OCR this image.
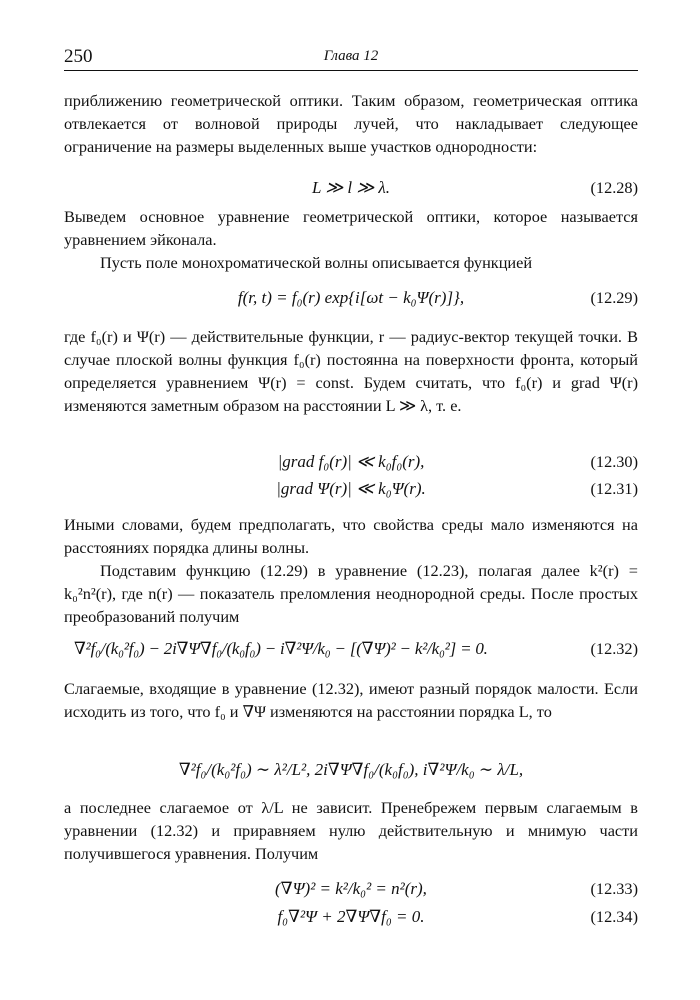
250	Глава 12

приближению геометрической оптики. Таким образом, геометрическая оптика отвлекается от волновой природы лучей, что накладывает следующее ограничение на размеры выделенных выше участков однородности:

L ≫ l ≫ λ.	(12.28)

Выведем основное уравнение геометрической оптики, которое называется уравнением эйконала.

Пусть поле монохроматической волны описывается функцией

f(r, t) = f₀(r) exp{i[ωt − k₀Ψ(r)]},	(12.29)

где f₀(r) и Ψ(r) — действительные функции, r — радиус-вектор текущей точки. В случае плоской волны функция f₀(r) постоянна на поверхности фронта, который определяется уравнением Ψ(r) = const. Будем считать, что f₀(r) и grad Ψ(r) изменяются заметным образом на расстоянии L ≫ λ, т. е.

|grad f₀(r)| ≪ k₀f₀(r),	(12.30)
|grad Ψ(r)| ≪ k₀Ψ(r).	(12.31)

Иными словами, будем предполагать, что свойства среды мало изменяются на расстояниях порядка длины волны.

Подставим функцию (12.29) в уравнение (12.23), полагая далее k²(r) = k₀²n²(r), где n(r) — показатель преломления неоднородной среды. После простых преобразований получим

∇²f₀/(k₀²f₀) − 2i∇Ψ∇f₀/(k₀f₀) − i∇²Ψ/k₀ − [(∇Ψ)² − k²/k₀²] = 0.	(12.32)

Слагаемые, входящие в уравнение (12.32), имеют разный порядок малости. Если исходить из того, что f₀ и ∇Ψ изменяются на расстоянии порядка L, то

∇²f₀/(k₀²f₀) ∼ λ²/L², 2i∇Ψ∇f₀/(k₀f₀), i∇²Ψ/k₀ ∼ λ/L,

а последнее слагаемое от λ/L не зависит. Пренебрежем первым слагаемым в уравнении (12.32) и приравняем нулю действительную и мнимую части получившегося уравнения. Получим

(∇Ψ)² = k²/k₀² = n²(r),	(12.33)
f₀∇²Ψ + 2∇Ψ∇f₀ = 0.	(12.34)
